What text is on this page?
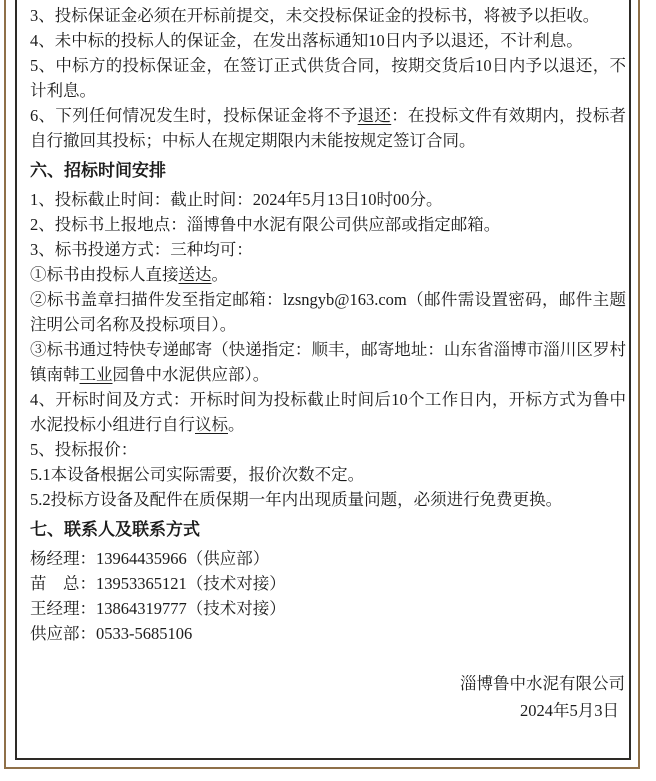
3、投标保证金必须在开标前提交，未交投标保证金的投标书，将被予以拒收。

4、未中标的投标人的保证金，在发出落标通知10日内予以退还，不计利息。

5、中标方的投标保证金，在签订正式供货合同，按期交货后10日内予以退还，不计利息。

6、下列任何情况发生时，投标保证金将不予退还：在投标文件有效期内，投标者自行撤回其投标；中标人在规定期限内未能按规定签订合同。

六、招标时间安排

1、投标截止时间：截止时间：2024年5月13日10时00分。

2、投标书上报地点：淄博鲁中水泥有限公司供应部或指定邮箱。

3、标书投递方式：三种均可：

①标书由投标人直接送达。

②标书盖章扫描件发至指定邮箱：lzsngyb@163.com（邮件需设置密码，邮件主题注明公司名称及投标项目）。

③标书通过特快专递邮寄（快递指定：顺丰，邮寄地址：山东省淄博市淄川区罗村镇南韩工业园鲁中水泥供应部）。

4、开标时间及方式：开标时间为投标截止时间后10个工作日内，开标方式为鲁中水泥投标小组进行自行议标。

5、投标报价：

5.1本设备根据公司实际需要，报价次数不定。

5.2投标方设备及配件在质保期一年内出现质量问题，必须进行免费更换。

七、联系人及联系方式

杨经理：13964435966（供应部）

苗　总：13953365121（技术对接）

王经理：13864319777（技术对接）

供应部：0533-5685106

淄博鲁中水泥有限公司

2024年5月3日
